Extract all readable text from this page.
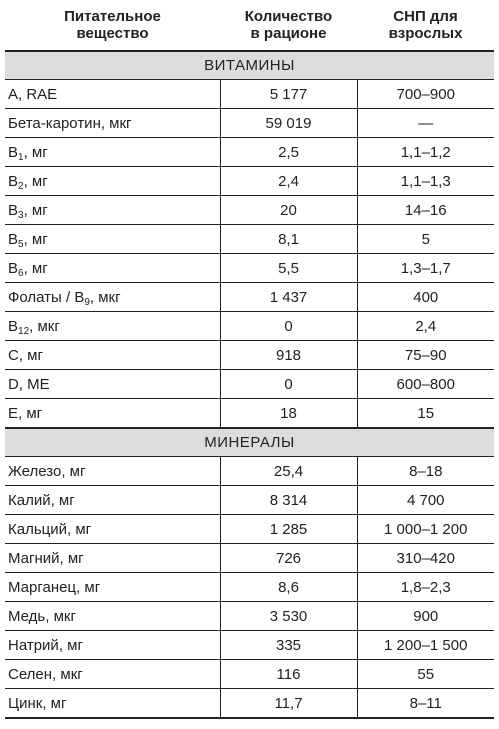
Питательное
вещество	Количество
в рационе	СНП для
взрослых

ВИТАМИНЫ		
A, RAE	5 177	700–900
Бета-каротин, мкг	59 019	—
$B_1$, мг	2,5	1,1–1,2
$B_2$, мг	2,4	1,1–1,3
$B_3$, мг	20	14–16
$B_5$, мг	8,1	5
$B_6$, мг	5,5	1,3–1,7
Фолаты / $B_9$, мкг	1 437	400
$B_{12}$, мкг	0	2,4
C, мг	918	75–90
D, МЕ	0	600–800
E, мг	18	15
МИНЕРАЛЫ		
Железо, мг	25,4	8–18
Калий, мг	8 314	4 700
Кальций, мг	1 285	1 000–1 200
Магний, мг	726	310–420
Марганец, мг	8,6	1,8–2,3
Медь, мкг	3 530	900
Натрий, мг	335	1 200–1 500
Селен, мкг	116	55
Цинк, мг	11,7	8–11
